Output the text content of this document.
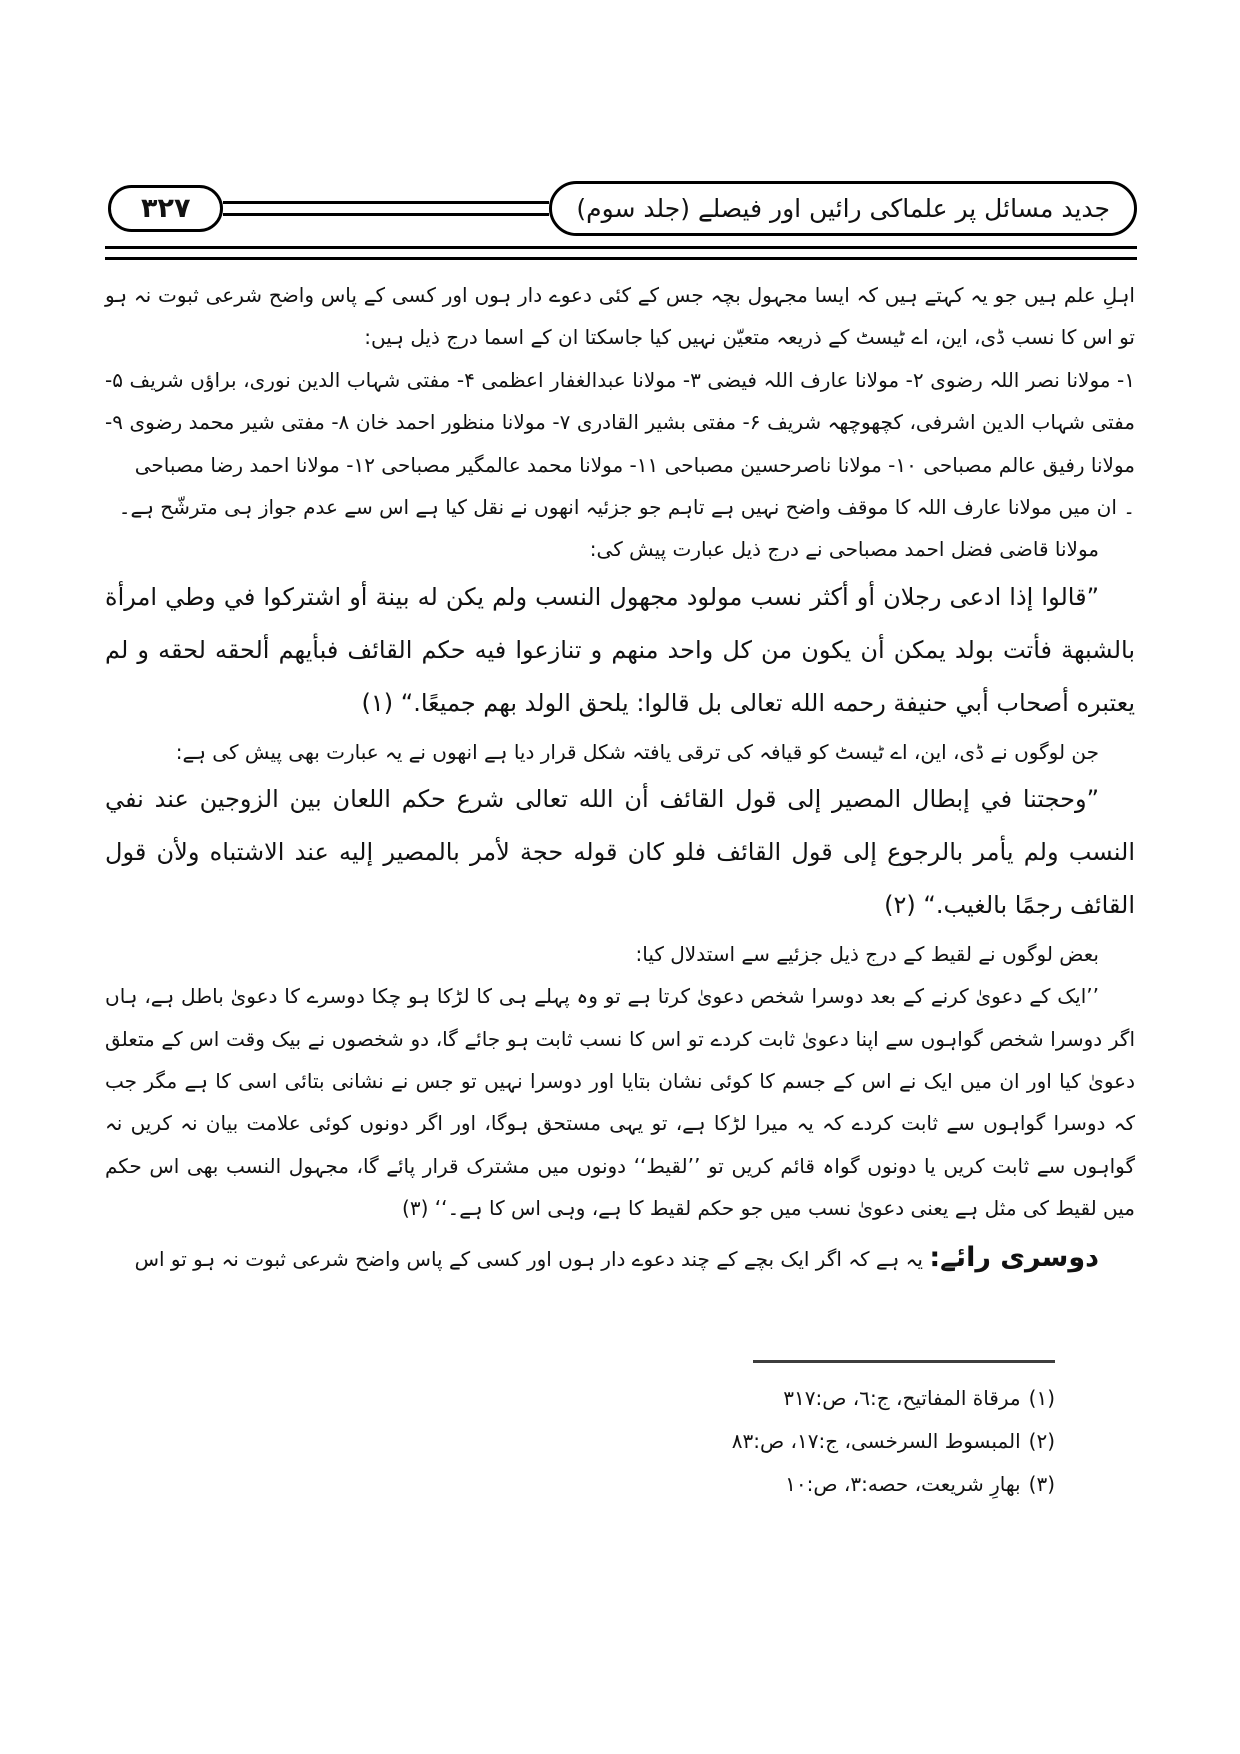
۳۲۷	جدید مسائل پر علماکی رائیں اور فیصلے (جلد سوم)

اہلِ علم ہیں جو یہ کہتے ہیں کہ ایسا مجہول بچہ جس کے کئی دعوے دار ہوں اور کسی کے پاس واضح شرعی ثبوت نہ ہو تو اس کا نسب ڈی، این، اے ٹیسٹ کے ذریعہ متعیّن نہیں کیا جاسکتا ان کے اسما درج ذیل ہیں:

۱- مولانا نصر اللہ رضوی ۲- مولانا عارف اللہ فیضی ۳- مولانا عبدالغفار اعظمی ۴- مفتی شہاب الدین نوری، براؤں شریف ۵- مفتی شہاب الدین اشرفی، کچھوچھہ شریف ۶- مفتی بشیر القادری ۷- مولانا منظور احمد خان ۸- مفتی شیر محمد رضوی ۹- مولانا رفیق عالم مصباحی ۱۰- مولانا ناصرحسین مصباحی ۱۱- مولانا محمد عالمگیر مصباحی ۱۲- مولانا احمد رضا مصباحی

۔ ان میں مولانا عارف اللہ کا موقف واضح نہیں ہے تاہم جو جزئیہ انھوں نے نقل کیا ہے اس سے عدم جواز ہی مترشّح ہے۔

مولانا قاضی فضل احمد مصباحی نے درج ذیل عبارت پیش کی:

”قالوا إذا ادعى رجلان أو أكثر نسب مولود مجهول النسب ولم يكن له بينة أو اشتركوا في وطي امرأة بالشبهة فأتت بولد يمكن أن يكون من كل واحد منهم و تنازعوا فيه حكم القائف فبأيهم ألحقه لحقه و لم يعتبره أصحاب أبي حنيفة رحمه الله تعالى بل قالوا: يلحق الولد بهم جميعًا.“ (١)

جن لوگوں نے ڈی، این، اے ٹیسٹ کو قیافہ کی ترقی یافتہ شکل قرار دیا ہے انھوں نے یہ عبارت بھی پیش کی ہے:

”وحجتنا في إبطال المصير إلى قول القائف أن الله تعالى شرع حكم اللعان بين الزوجين عند نفي النسب ولم يأمر بالرجوع إلى قول القائف فلو كان قوله حجة لأمر بالمصير إليه عند الاشتباه ولأن قول القائف رجمًا بالغيب.“ (٢)

بعض لوگوں نے لقیط کے درج ذیل جزئیے سے استدلال کیا:

’’ایک کے دعویٰ کرنے کے بعد دوسرا شخص دعویٰ کرتا ہے تو وہ پہلے ہی کا لڑکا ہو چکا دوسرے کا دعویٰ باطل ہے، ہاں اگر دوسرا شخص گواہوں سے اپنا دعویٰ ثابت کردے تو اس کا نسب ثابت ہو جائے گا، دو شخصوں نے بیک وقت اس کے متعلق دعویٰ کیا اور ان میں ایک نے اس کے جسم کا کوئی نشان بتایا اور دوسرا نہیں تو جس نے نشانی بتائی اسی کا ہے مگر جب کہ دوسرا گواہوں سے ثابت کردے کہ یہ میرا لڑکا ہے، تو یہی مستحق ہوگا، اور اگر دونوں کوئی علامت بیان نہ کریں نہ گواہوں سے ثابت کریں یا دونوں گواہ قائم کریں تو ’’لقیط‘‘ دونوں میں مشترک قرار پائے گا، مجہول النسب بھی اس حکم میں لقیط کی مثل ہے یعنی دعویٰ نسب میں جو حکم لقیط کا ہے، وہی اس کا ہے۔‘‘ (۳)

دوسری رائے: یہ ہے کہ اگر ایک بچے کے چند دعوے دار ہوں اور کسی کے پاس واضح شرعی ثبوت نہ ہو تو اس

(١)مرقاة المفاتيح، ج:٦، ص:٣١٧
(٢)المبسوط السرخسى، ج:١٧، ص:٨٣
(٣)بهارِ شريعت، حصه:٣، ص:١٠
